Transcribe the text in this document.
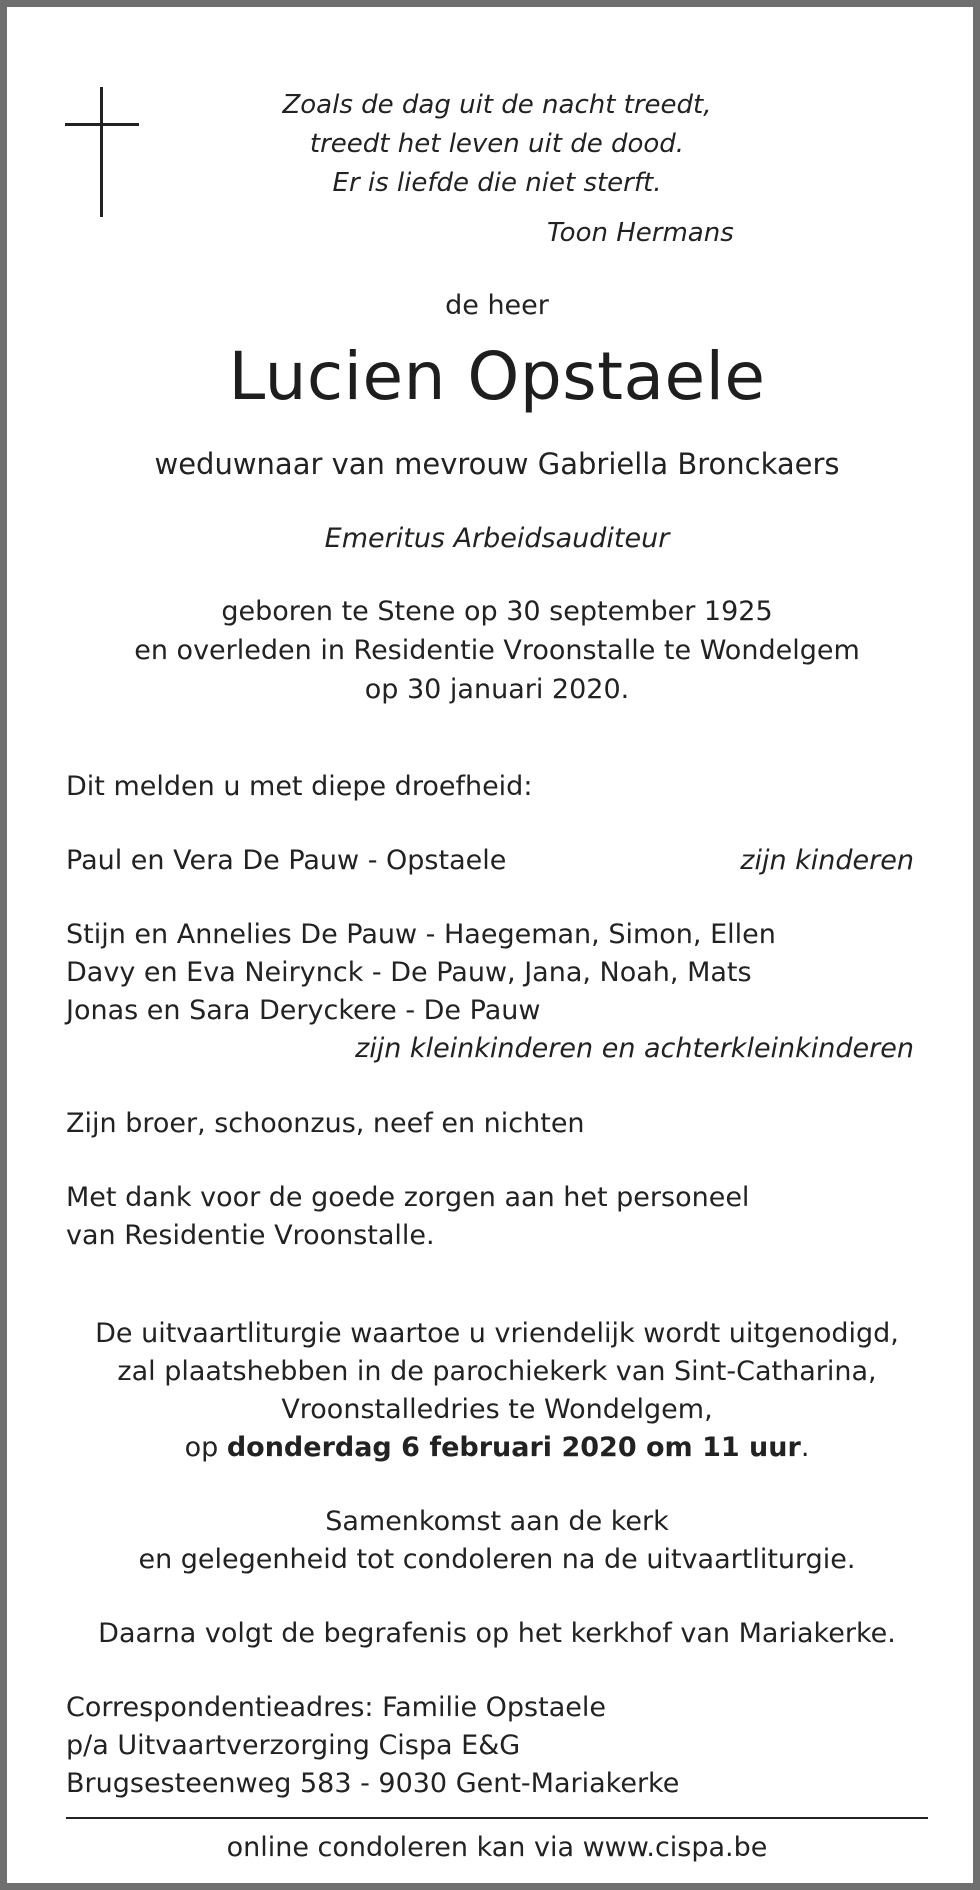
Zoals de dag uit de nacht treedt,
treedt het leven uit de dood.
Er is liefde die niet sterft.
Toon Hermans
de heer
Lucien Opstaele
weduwnaar van mevrouw Gabriella Bronckaers
Emeritus Arbeidsauditeur
geboren te Stene op 30 september 1925
en overleden in Residentie Vroonstalle te Wondelgem
op 30 januari 2020.
Dit melden u met diepe droefheid:
Paul en Vera De Pauw - Opstaele	zijn kinderen
Stijn en Annelies De Pauw - Haegeman, Simon, Ellen
Davy en Eva Neirynck - De Pauw, Jana, Noah, Mats
Jonas en Sara Deryckere - De Pauw
zijn kleinkinderen en achterkleinkinderen
Zijn broer, schoonzus, neef en nichten
Met dank voor de goede zorgen aan het personeel
van Residentie Vroonstalle.
De uitvaartliturgie waartoe u vriendelijk wordt uitgenodigd,
zal plaatshebben in de parochiekerk van Sint-Catharina,
Vroonstalledries te Wondelgem,
op donderdag 6 februari 2020 om 11 uur.
Samenkomst aan de kerk
en gelegenheid tot condoleren na de uitvaartliturgie.
Daarna volgt de begrafenis op het kerkhof van Mariakerke.
Correspondentieadres: Familie Opstaele
p/a Uitvaartverzorging Cispa E&G
Brugsesteenweg 583 - 9030 Gent-Mariakerke
online condoleren kan via www.cispa.be
